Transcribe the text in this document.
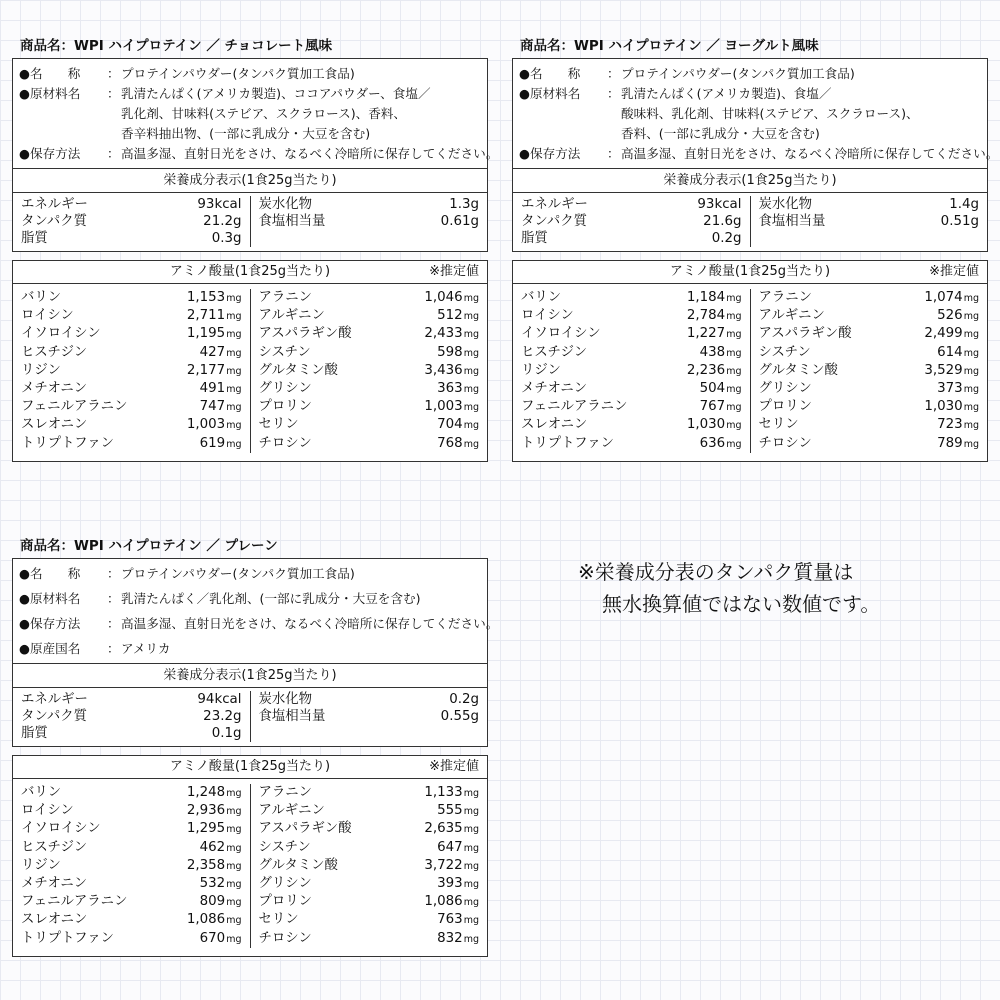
商品名：WPI ハイプロテイン ／ チョコレート風味
●名　　称	： プロテインパウダー(タンパク質加工食品)
●原材料名	： 乳清たんぱく(アメリカ製造)、ココアパウダー、食塩／
乳化剤、甘味料(ステビア、スクラロース)、香料、
香辛料抽出物、(一部に乳成分・大豆を含む)
●保存方法	： 高温多湿、直射日光をさけ、なるべく冷暗所に保存してください。
栄養成分表示(1食25g当たり)
エネルギー	93kcal
タンパク質	21.2g
脂質	0.3g
炭水化物	1.3g
食塩相当量	0.61g
アミノ酸量(1食25g当たり)	※推定値
バリン	1,153mg
ロイシン	2,711mg
イソロイシン	1,195mg
ヒスチジン	427mg
リジン	2,177mg
メチオニン	491mg
フェニルアラニン	747mg
スレオニン	1,003mg
トリプトファン	619mg
アラニン	1,046mg
アルギニン	512mg
アスパラギン酸	2,433mg
シスチン	598mg
グルタミン酸	3,436mg
グリシン	363mg
プロリン	1,003mg
セリン	704mg
チロシン	768mg
商品名：WPI ハイプロテイン ／ ヨーグルト風味
●名　　称	： プロテインパウダー(タンパク質加工食品)
●原材料名	： 乳清たんぱく(アメリカ製造)、食塩／
酸味料、乳化剤、甘味料(ステビア、スクラロース)、
香料、(一部に乳成分・大豆を含む)
●保存方法	： 高温多湿、直射日光をさけ、なるべく冷暗所に保存してください。
栄養成分表示(1食25g当たり)
エネルギー	93kcal
タンパク質	21.6g
脂質	0.2g
炭水化物	1.4g
食塩相当量	0.51g
アミノ酸量(1食25g当たり)	※推定値
バリン	1,184mg
ロイシン	2,784mg
イソロイシン	1,227mg
ヒスチジン	438mg
リジン	2,236mg
メチオニン	504mg
フェニルアラニン	767mg
スレオニン	1,030mg
トリプトファン	636mg
アラニン	1,074mg
アルギニン	526mg
アスパラギン酸	2,499mg
シスチン	614mg
グルタミン酸	3,529mg
グリシン	373mg
プロリン	1,030mg
セリン	723mg
チロシン	789mg
商品名：WPI ハイプロテイン ／ プレーン
●名　　称	： プロテインパウダー(タンパク質加工食品)
●原材料名	： 乳清たんぱく／乳化剤、(一部に乳成分・大豆を含む)
●保存方法	： 高温多湿、直射日光をさけ、なるべく冷暗所に保存してください。
●原産国名	： アメリカ
栄養成分表示(1食25g当たり)
エネルギー	94kcal
タンパク質	23.2g
脂質	0.1g
炭水化物	0.2g
食塩相当量	0.55g
アミノ酸量(1食25g当たり)	※推定値
バリン	1,248mg
ロイシン	2,936mg
イソロイシン	1,295mg
ヒスチジン	462mg
リジン	2,358mg
メチオニン	532mg
フェニルアラニン	809mg
スレオニン	1,086mg
トリプトファン	670mg
アラニン	1,133mg
アルギニン	555mg
アスパラギン酸	2,635mg
シスチン	647mg
グルタミン酸	3,722mg
グリシン	393mg
プロリン	1,086mg
セリン	763mg
チロシン	832mg
※栄養成分表のタンパク質量は
無水換算値ではない数値です。
